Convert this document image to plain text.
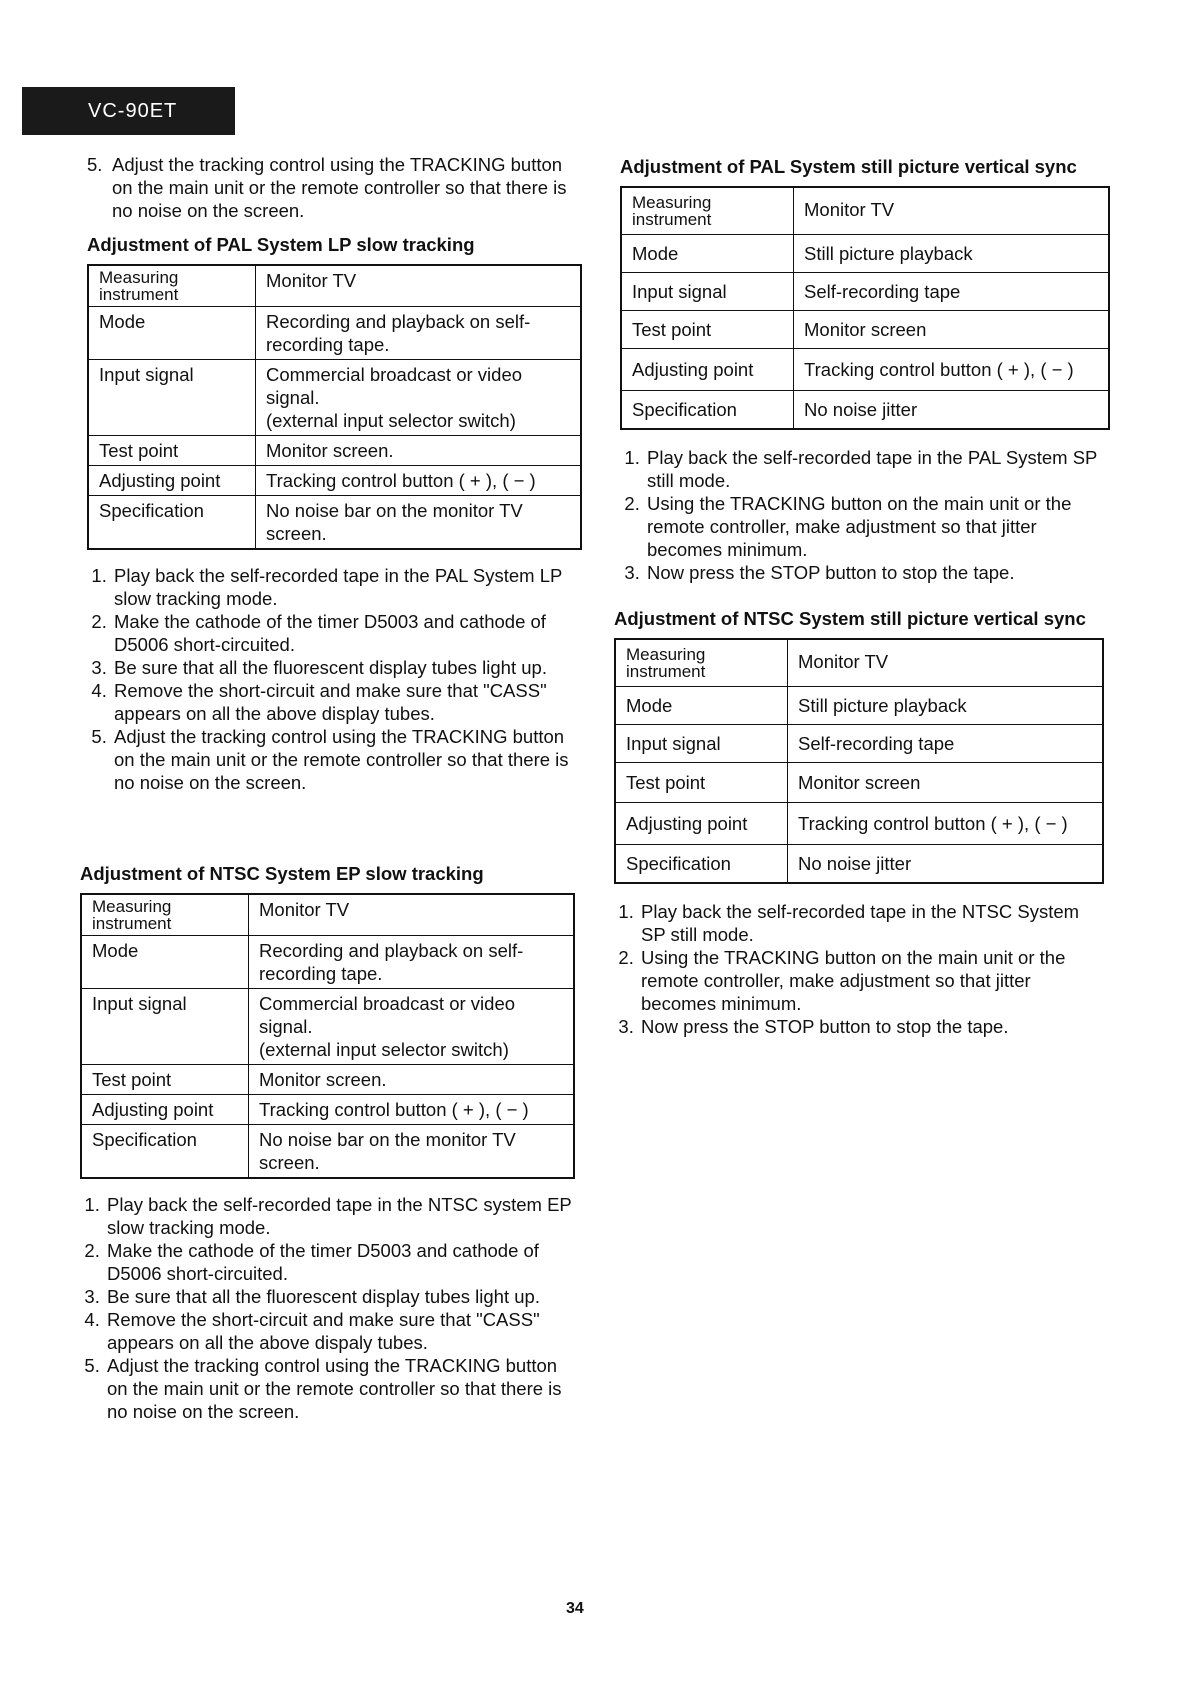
VC-90ET
5. Adjust the tracking control using the TRACKING button on the main unit or the remote controller so that there is no noise on the screen.
Adjustment of PAL System LP slow tracking
Measuring instrument	Monitor TV
Mode	Recording and playback on self-recording tape.
Input signal	Commercial broadcast or video signal.
(external input selector switch)

Test point	Monitor screen.
Adjusting point	Tracking control button ( + ), ( − )
Specification	No noise bar on the monitor TV screen.
1. Play back the self-recorded tape in the PAL System LP slow tracking mode.
2. Make the cathode of the timer D5003 and cathode of D5006 short-circuited.
3. Be sure that all the fluorescent display tubes light up.
4. Remove the short-circuit and make sure that "CASS" appears on all the above display tubes.
5. Adjust the tracking control using the TRACKING button on the main unit or the remote controller so that there is no noise on the screen.
Adjustment of NTSC System EP slow tracking
Measuring instrument	Monitor TV
Mode	Recording and playback on self-recording tape.
Input signal	Commercial broadcast or video signal.
(external input selector switch)

Test point	Monitor screen.
Adjusting point	Tracking control button ( + ), ( − )
Specification	No noise bar on the monitor TV screen.
1. Play back the self-recorded tape in the NTSC system EP slow tracking mode.
2. Make the cathode of the timer D5003 and cathode of D5006 short-circuited.
3. Be sure that all the fluorescent display tubes light up.
4. Remove the short-circuit and make sure that "CASS" appears on all the above dispaly tubes.
5. Adjust the tracking control using the TRACKING button on the main unit or the remote controller so that there is no noise on the screen.
Adjustment of PAL System still picture vertical sync
Measuring instrument	Monitor TV
Mode	Still picture playback
Input signal	Self-recording tape
Test point	Monitor screen
Adjusting point	Tracking control button ( + ), ( − )
Specification	No noise jitter
1. Play back the self-recorded tape in the PAL System SP still mode.
2. Using the TRACKING button on the main unit or the remote controller, make adjustment so that jitter becomes minimum.
3. Now press the STOP button to stop the tape.
Adjustment of NTSC System still picture vertical sync
Measuring instrument	Monitor TV
Mode	Still picture playback
Input signal	Self-recording tape
Test point	Monitor screen
Adjusting point	Tracking control button ( + ), ( − )
Specification	No noise jitter
1. Play back the self-recorded tape in the NTSC System SP still mode.
2. Using the TRACKING button on the main unit or the remote controller, make adjustment so that jitter becomes minimum.
3. Now press the STOP button to stop the tape.
34
